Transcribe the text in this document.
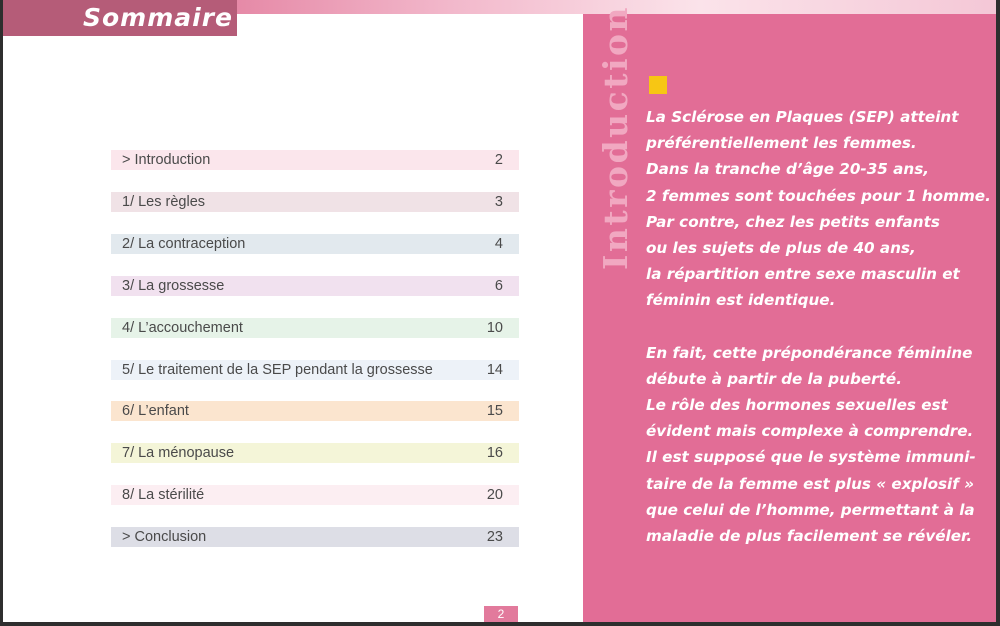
Sommaire
> Introduction	2
1/ Les règles	3
2/ La contraception	4
3/ La grossesse	6
4/ L’accouchement	10
5/ Le traitement de la SEP pendant la grossesse	14
6/ L’enfant	15
7/ La ménopause	16
8/ La stérilité	20
> Conclusion	23
2
Introduction La Sclérose en Plaques (SEP) atteint
préférentiellement les femmes.
Dans la tranche d’âge 20-35 ans,
2 femmes sont touchées pour 1 homme.
Par contre, chez les petits enfants
ou les sujets de plus de 40 ans,
la répartition entre sexe masculin et
féminin est identique.
En fait, cette prépondérance féminine
débute à partir de la puberté.
Le rôle des hormones sexuelles est
évident mais complexe à comprendre.
Il est supposé que le système immuni-
taire de la femme est plus « explosif »
que celui de l’homme, permettant à la
maladie de plus facilement se révéler.
